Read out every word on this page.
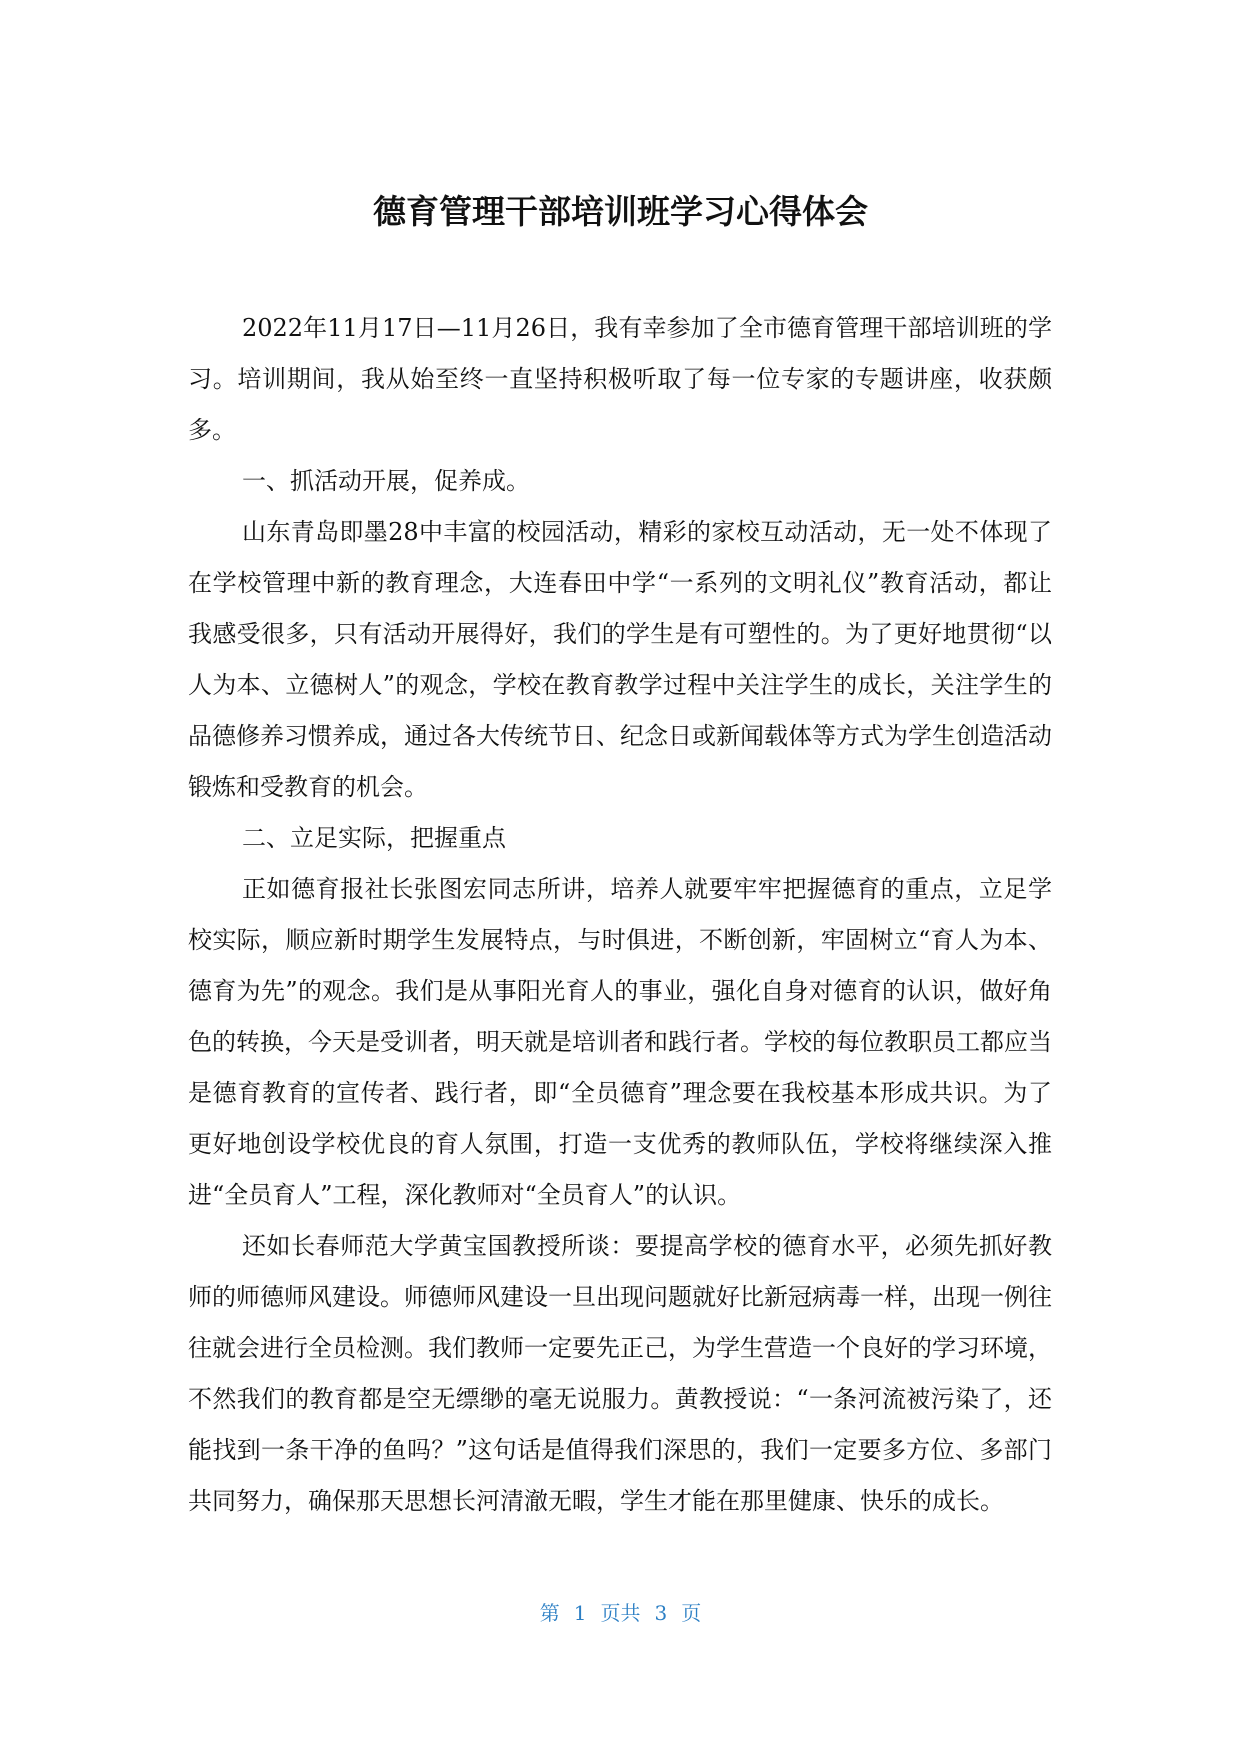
德育管理干部培训班学习心得体会

2022年11月17日—11月26日，我有幸参加了全市德育管理干部培训班的学习。培训期间，我从始至终一直坚持积极听取了每一位专家的专题讲座，收获颇多。

一、抓活动开展，促养成。

山东青岛即墨28中丰富的校园活动，精彩的家校互动活动，无一处不体现了在学校管理中新的教育理念，大连春田中学“一系列的文明礼仪”教育活动，都让我感受很多，只有活动开展得好，我们的学生是有可塑性的。为了更好地贯彻“以人为本、立德树人”的观念，学校在教育教学过程中关注学生的成长，关注学生的品德修养习惯养成，通过各大传统节日、纪念日或新闻载体等方式为学生创造活动锻炼和受教育的机会。

二、立足实际，把握重点

正如德育报社长张图宏同志所讲，培养人就要牢牢把握德育的重点，立足学校实际，顺应新时期学生发展特点，与时俱进，不断创新，牢固树立“育人为本、德育为先”的观念。我们是从事阳光育人的事业，强化自身对德育的认识，做好角色的转换，今天是受训者，明天就是培训者和践行者。学校的每位教职员工都应当是德育教育的宣传者、践行者，即“全员德育”理念要在我校基本形成共识。为了更好地创设学校优良的育人氛围，打造一支优秀的教师队伍，学校将继续深入推进“全员育人”工程，深化教师对“全员育人”的认识。

还如长春师范大学黄宝国教授所谈：要提高学校的德育水平，必须先抓好教师的师德师风建设。师德师风建设一旦出现问题就好比新冠病毒一样，出现一例往往就会进行全员检测。我们教师一定要先正己，为学生营造一个良好的学习环境，不然我们的教育都是空无缥缈的毫无说服力。黄教授说：“一条河流被污染了，还能找到一条干净的鱼吗？”这句话是值得我们深思的，我们一定要多方位、多部门共同努力，确保那天思想长河清澈无暇，学生才能在那里健康、快乐的成长。

第 1 页共 3 页
